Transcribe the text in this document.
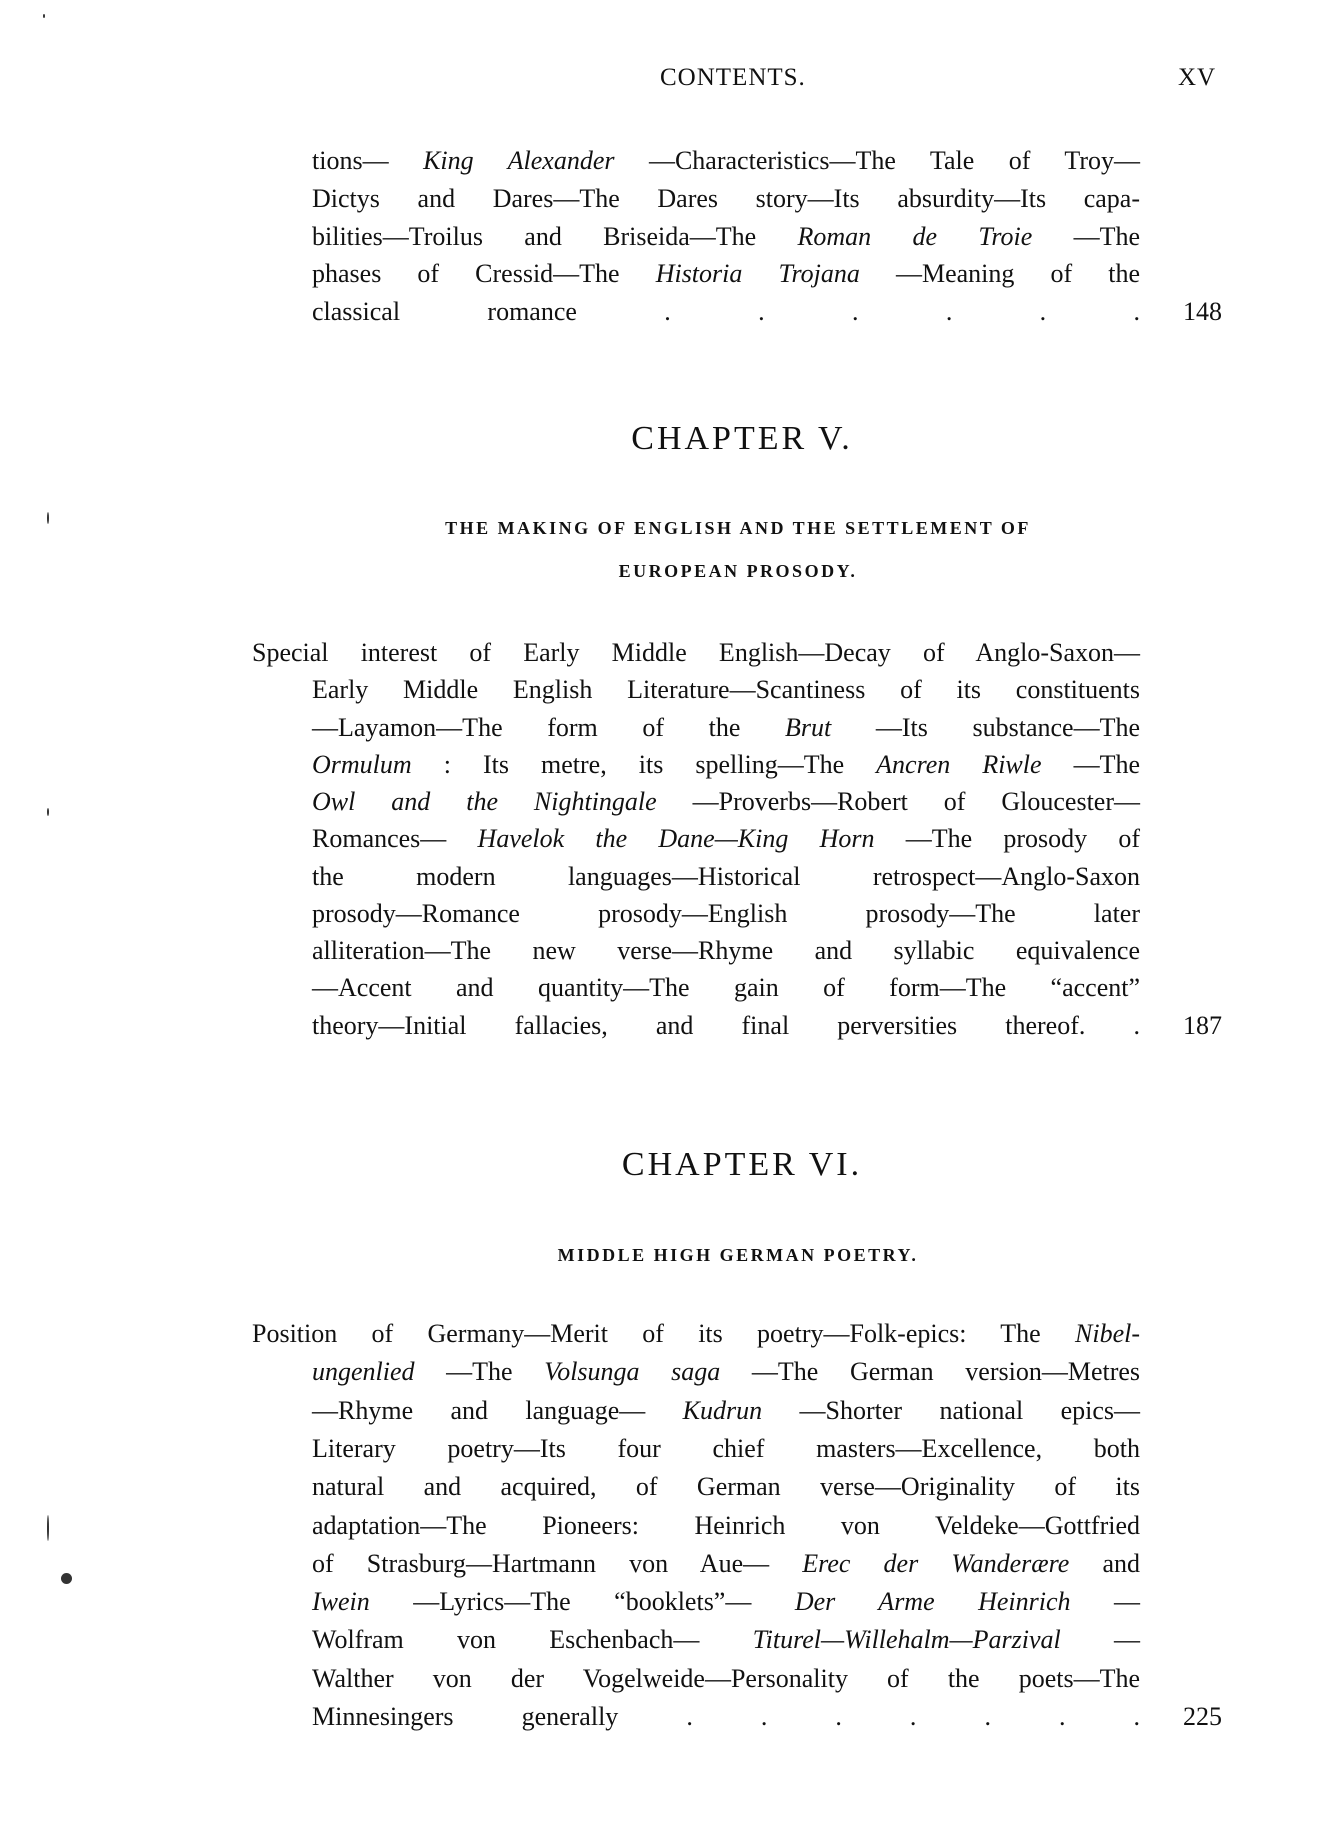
CONTENTS.	XV
tions— King Alexander —Characteristics—The Tale of Troy—
Dictys and Dares—The Dares story—Its absurdity—Its capa-
bilities—Troilus and Briseida—The Roman de Troie —The
phases of Cressid—The Historia Trojana —Meaning of the
classical romance	. . . . . .	148
CHAPTER V.
THE MAKING OF ENGLISH AND THE SETTLEMENT OF
EUROPEAN PROSODY.
Special interest of Early Middle English—Decay of Anglo-Saxon—
Early Middle English Literature—Scantiness of its constituents
—Layamon—The form of the Brut —Its substance—The
Ormulum : Its metre, its spelling—The Ancren Riwle —The
Owl and the Nightingale —Proverbs—Robert of Gloucester—
Romances— Havelok the Dane—King Horn —The prosody of
the modern languages—Historical retrospect—Anglo-Saxon
prosody—Romance prosody—English prosody—The later
alliteration—The new verse—Rhyme and syllabic equivalence
—Accent and quantity—The gain of form—The “accent”
theory—Initial fallacies, and final perversities thereof. .	187
CHAPTER VI.
MIDDLE HIGH GERMAN POETRY.
Position of Germany—Merit of its poetry—Folk-epics: The Nibel-
ungenlied —The Volsunga saga —The German version—Metres
—Rhyme and language— Kudrun —Shorter national epics—
Literary poetry—Its four chief masters—Excellence, both
natural and acquired, of German verse—Originality of its
adaptation—The Pioneers: Heinrich von Veldeke—Gottfried
of Strasburg—Hartmann von Aue— Erec der Wanderære and
Iwein —Lyrics—The “booklets”— Der Arme Heinrich —
Wolfram von Eschenbach— Titurel—Willehalm—Parzival —
Walther von der Vogelweide—Personality of the poets—The
Minnesingers generally	. . . . . . .	225
